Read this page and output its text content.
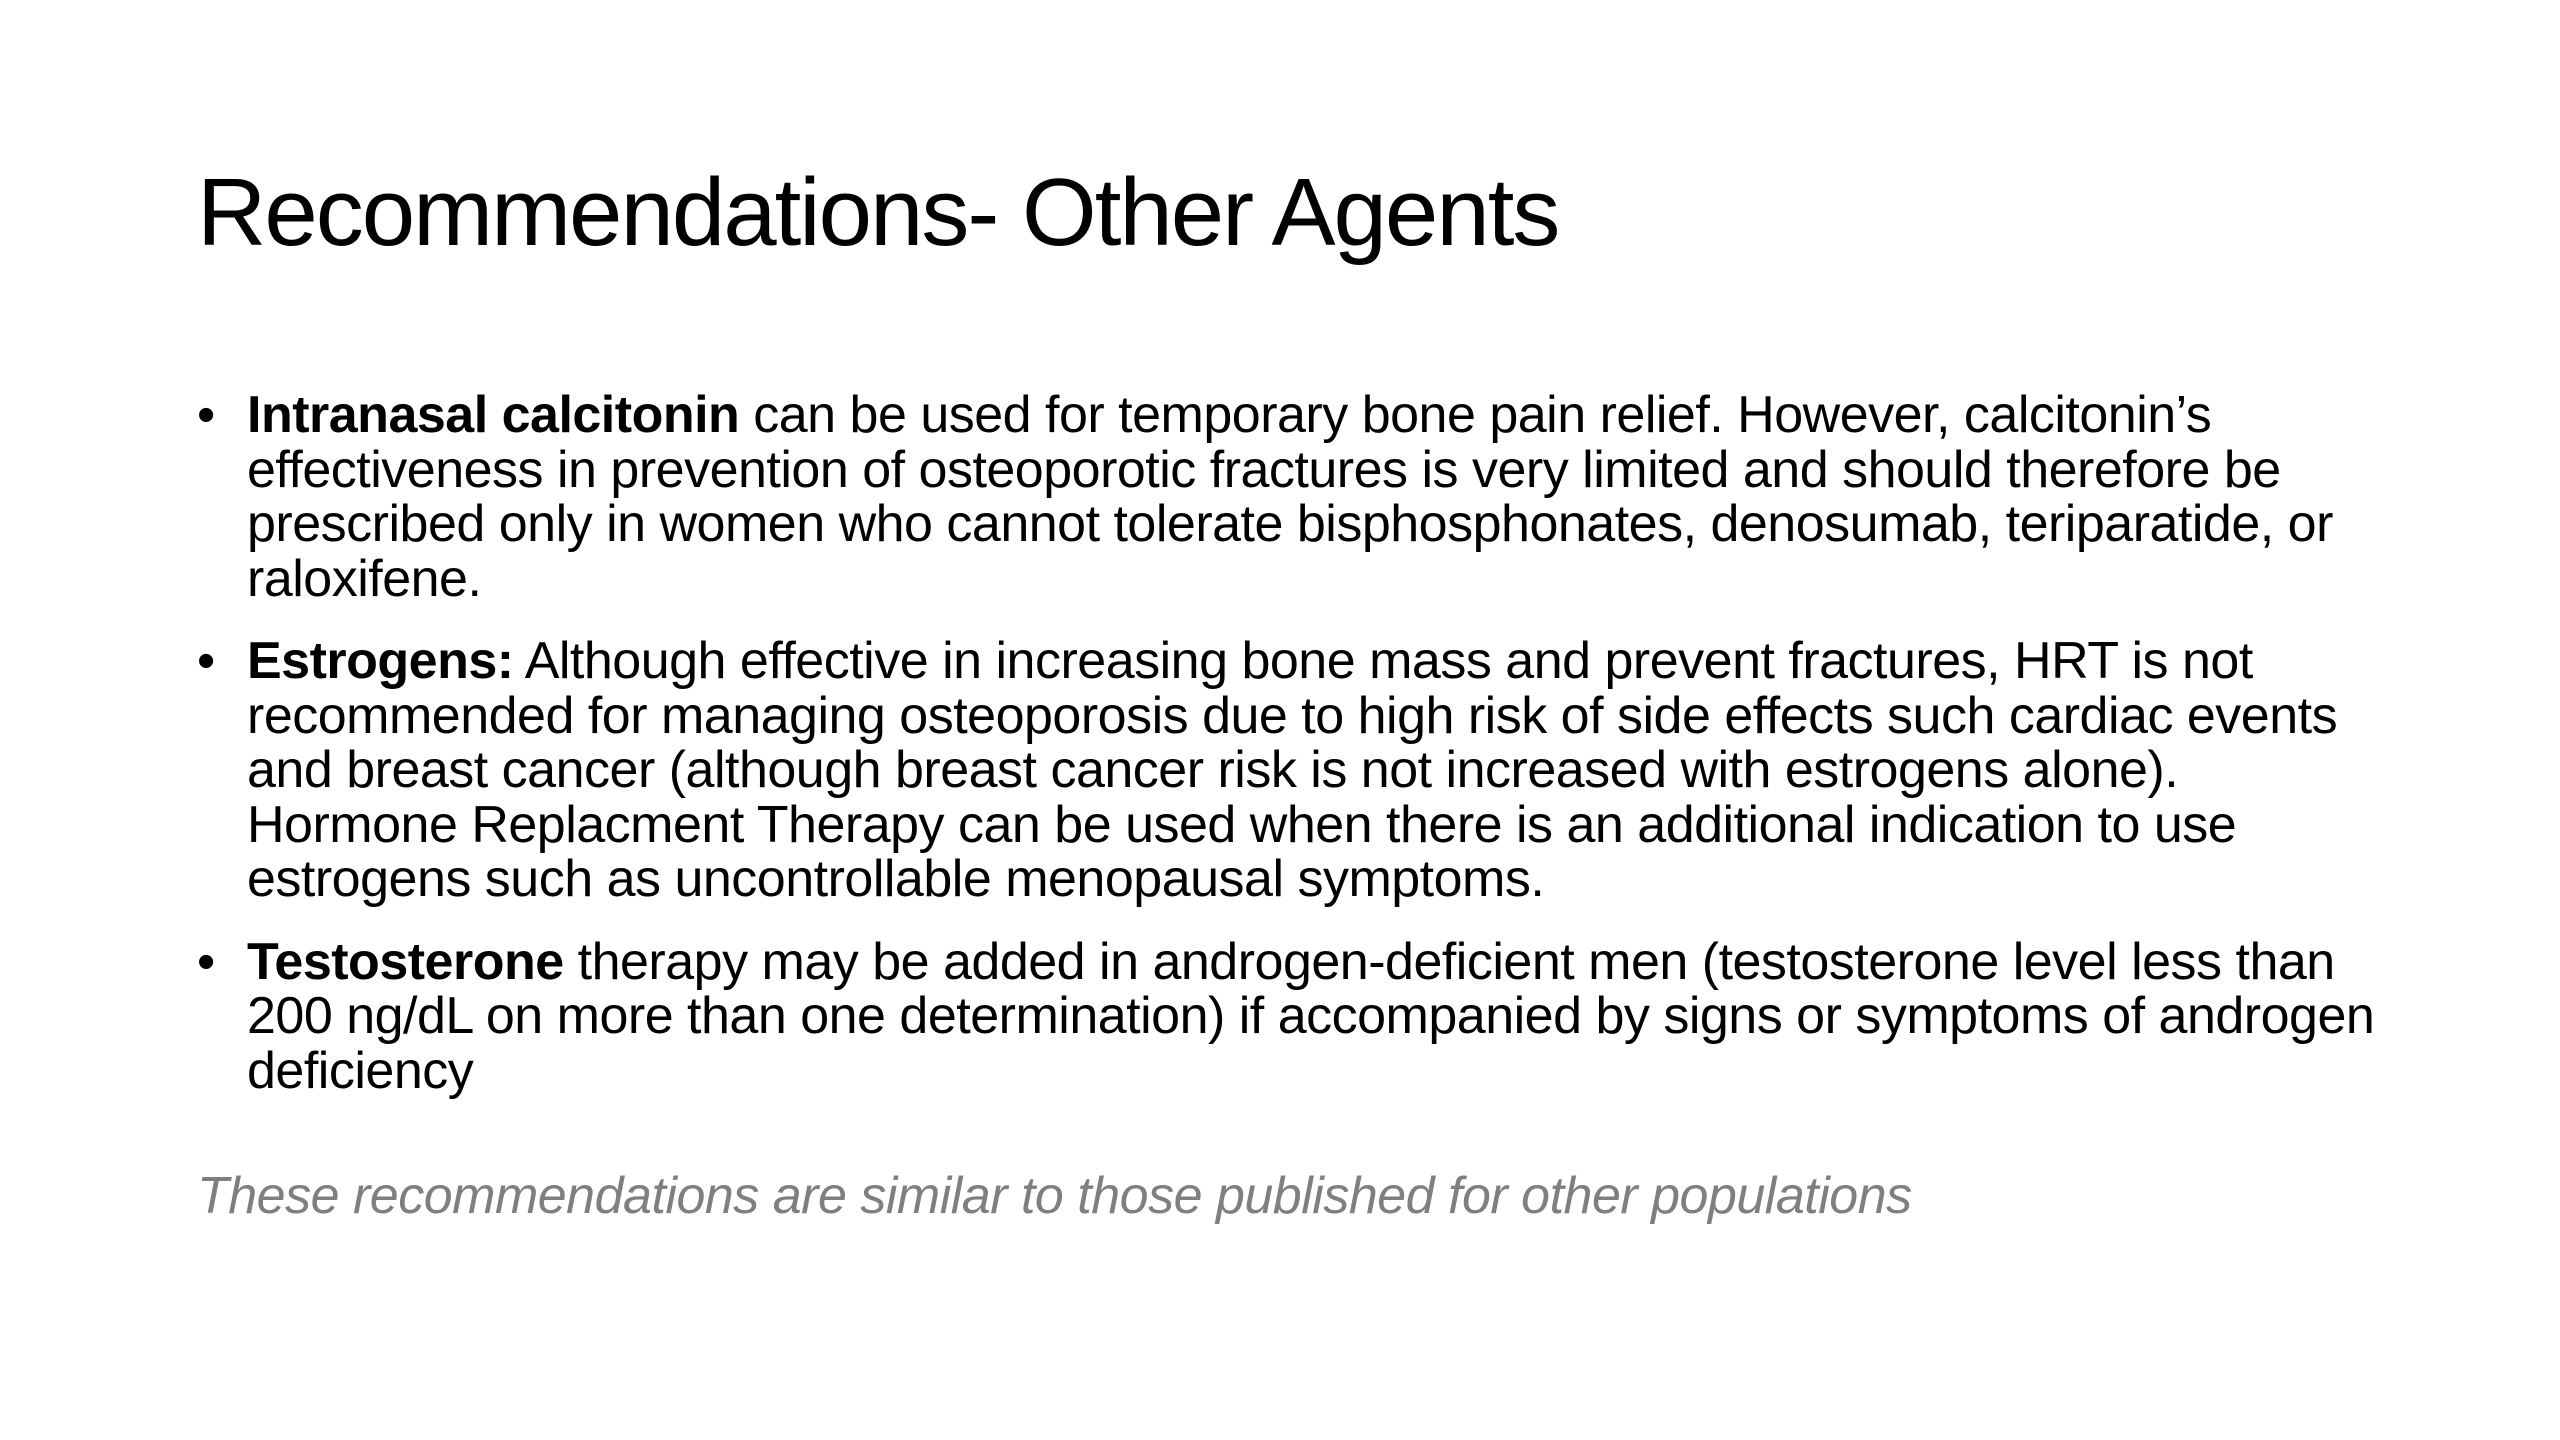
Recommendations- Other Agents
• Intranasal calcitonin can be used for temporary bone pain relief. However, calcitonin’s effectiveness in prevention of osteoporotic fractures is very limited and should therefore be prescribed only in women who cannot tolerate bisphosphonates, denosumab, teriparatide, or raloxifene.
• Estrogens: Although effective in increasing bone mass and prevent fractures, HRT is not recommended for managing osteoporosis due to high risk of side effects such cardiac events and breast cancer (although breast cancer risk is not increased with estrogens alone). Hormone Replacment Therapy can be used when there is an additional indication to use estrogens such as uncontrollable menopausal symptoms.
• Testosterone therapy may be added in androgen-deficient men (testosterone level less than 200 ng/dL on more than one determination) if accompanied by signs or symptoms of androgen deficiency

These recommendations are similar to those published for other populations
